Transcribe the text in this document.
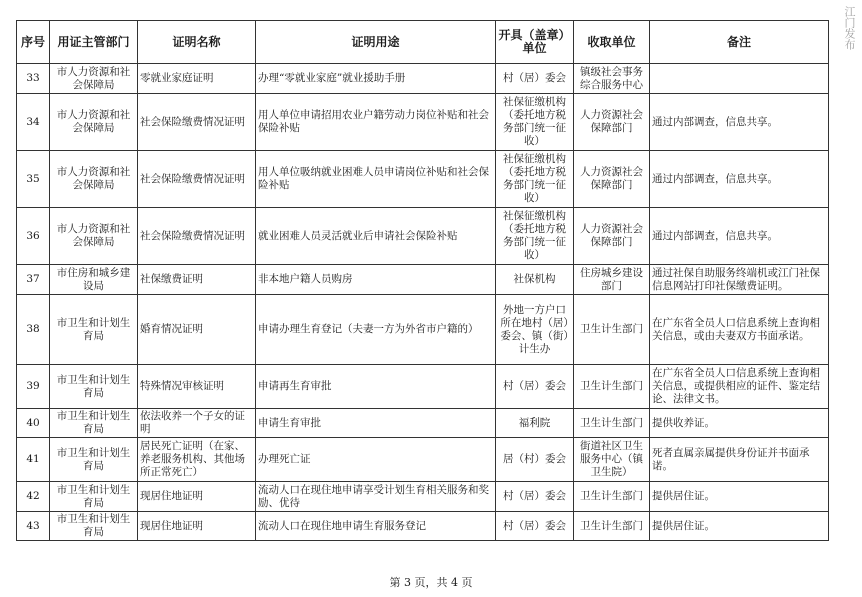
江门发布
序号	用证主管部门	证明名称	证明用途	开具（盖章）单位	收取单位	备注
33	市人力资源和社会保障局	零就业家庭证明	办理“零就业家庭”就业援助手册	村（居）委会	镇级社会事务综合服务中心	
34	市人力资源和社会保障局	社会保险缴费情况证明	用人单位申请招用农业户籍劳动力岗位补贴和社会保险补贴	社保征缴机构（委托地方税务部门统一征收）	人力资源社会保障部门	通过内部调查，信息共享。
35	市人力资源和社会保障局	社会保险缴费情况证明	用人单位吸纳就业困难人员申请岗位补贴和社会保险补贴	社保征缴机构（委托地方税务部门统一征收）	人力资源社会保障部门	通过内部调查，信息共享。
36	市人力资源和社会保障局	社会保险缴费情况证明	就业困难人员灵活就业后申请社会保险补贴	社保征缴机构（委托地方税务部门统一征收）	人力资源社会保障部门	通过内部调查，信息共享。
37	市住房和城乡建设局	社保缴费证明	非本地户籍人员购房	社保机构	住房城乡建设部门	通过社保自助服务终端机或江门社保信息网站打印社保缴费证明。
38	市卫生和计划生育局	婚育情况证明	申请办理生育登记（夫妻一方为外省市户籍的）	外地一方户口所在地村（居）委会、镇（街）计生办	卫生计生部门	在广东省全员人口信息系统上查询相关信息，或由夫妻双方书面承诺。
39	市卫生和计划生育局	特殊情况审核证明	申请再生育审批	村（居）委会	卫生计生部门	在广东省全员人口信息系统上查询相关信息，或提供相应的证件、鉴定结论、法律文书。
40	市卫生和计划生育局	依法收养一个子女的证明	申请生育审批	福利院	卫生计生部门	提供收养证。
41	市卫生和计划生育局	居民死亡证明（在家、养老服务机构、其他场所正常死亡）	办理死亡证	居（村）委会	街道社区卫生服务中心（镇卫生院）	死者直属亲属提供身份证并书面承诺。
42	市卫生和计划生育局	现居住地证明	流动人口在现住地申请享受计划生育相关服务和奖励、优待	村（居）委会	卫生计生部门	提供居住证。
43	市卫生和计划生育局	现居住地证明	流动人口在现住地申请生育服务登记	村（居）委会	卫生计生部门	提供居住证。
第 3 页，共 4 页
